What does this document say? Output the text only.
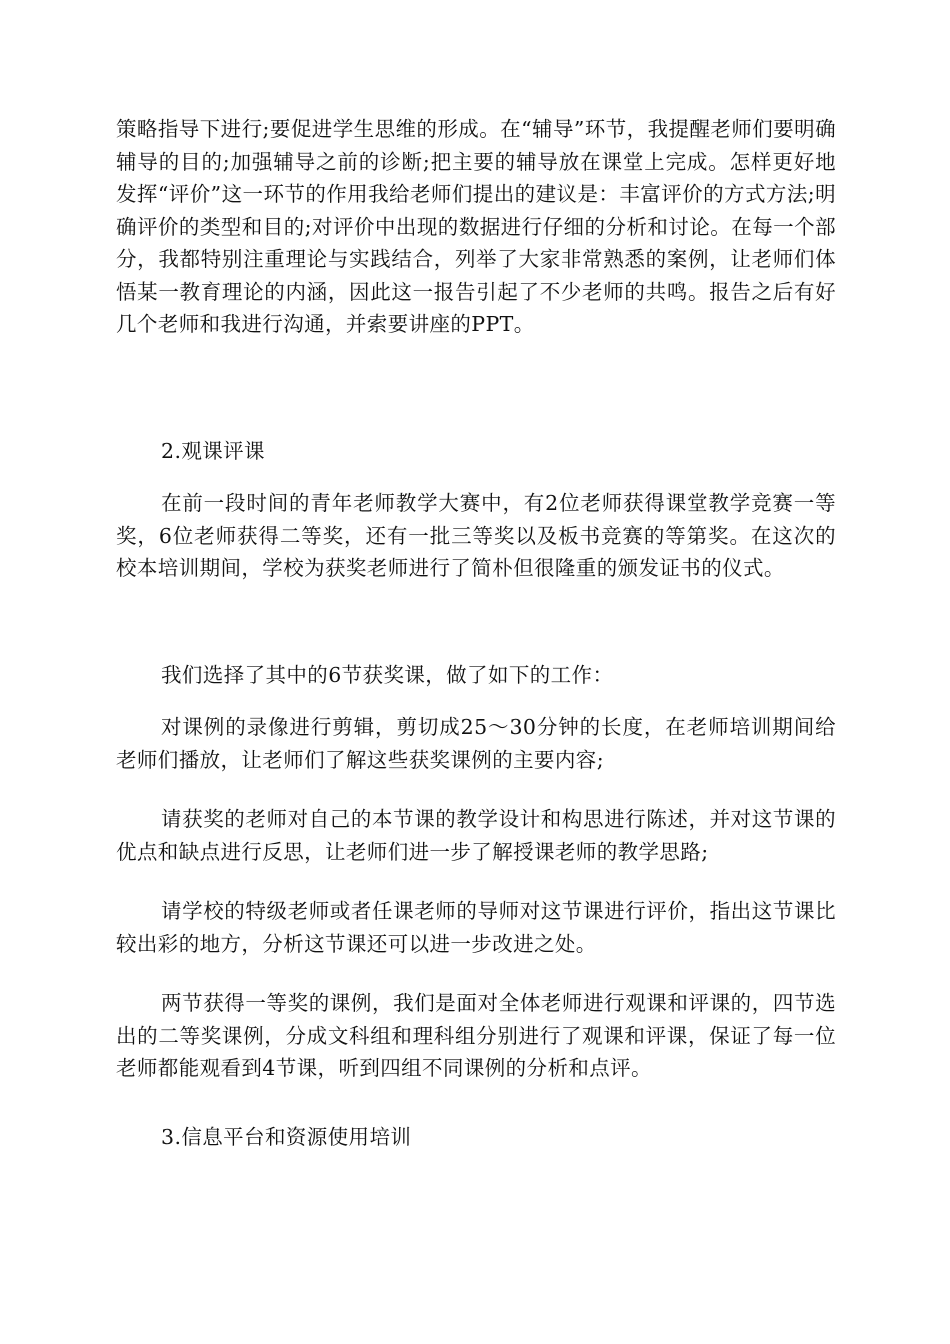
策略指导下进行;要促进学生思维的形成。在“辅导”环节，我提醒老师们要明确辅导的目的;加强辅导之前的诊断;把主要的辅导放在课堂上完成。怎样更好地发挥“评价”这一环节的作用我给老师们提出的建议是：丰富评价的方式方法;明确评价的类型和目的;对评价中出现的数据进行仔细的分析和讨论。在每一个部分，我都特别注重理论与实践结合，列举了大家非常熟悉的案例，让老师们体悟某一教育理论的内涵，因此这一报告引起了不少老师的共鸣。报告之后有好几个老师和我进行沟通，并索要讲座的PPT。

2.观课评课

在前一段时间的青年老师教学大赛中，有2位老师获得课堂教学竞赛一等奖，6位老师获得二等奖，还有一批三等奖以及板书竞赛的等第奖。在这次的校本培训期间，学校为获奖老师进行了简朴但很隆重的颁发证书的仪式。

我们选择了其中的6节获奖课，做了如下的工作：

对课例的录像进行剪辑，剪切成25～30分钟的长度，在老师培训期间给老师们播放，让老师们了解这些获奖课例的主要内容;

请获奖的老师对自己的本节课的教学设计和构思进行陈述，并对这节课的优点和缺点进行反思，让老师们进一步了解授课老师的教学思路;

请学校的特级老师或者任课老师的导师对这节课进行评价，指出这节课比较出彩的地方，分析这节课还可以进一步改进之处。

两节获得一等奖的课例，我们是面对全体老师进行观课和评课的，四节选出的二等奖课例，分成文科组和理科组分别进行了观课和评课，保证了每一位老师都能观看到4节课，听到四组不同课例的分析和点评。

3.信息平台和资源使用培训
